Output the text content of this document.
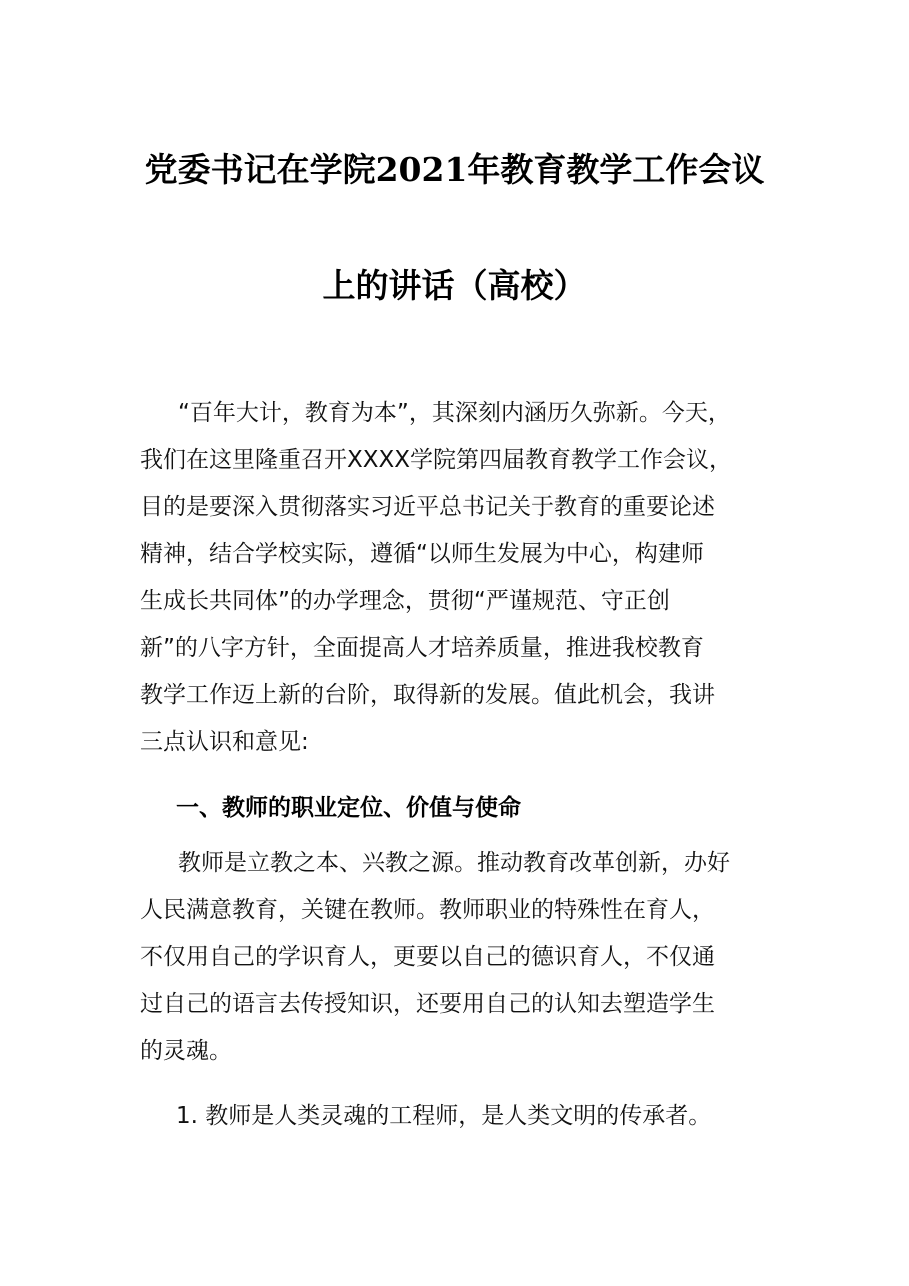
党委书记在学院2021年教育教学工作会议
上的讲话（高校）
“百年大计，教育为本”，其深刻内涵历久弥新。今天，
我们在这里隆重召开XXXX学院第四届教育教学工作会议，
目的是要深入贯彻落实习近平总书记关于教育的重要论述
精神，结合学校实际，遵循“以师生发展为中心，构建师
生成长共同体”的办学理念，贯彻“严谨规范、守正创
新”的八字方针，全面提高人才培养质量，推进我校教育
教学工作迈上新的台阶，取得新的发展。值此机会，我讲
三点认识和意见:
一、教师的职业定位、价值与使命
教师是立教之本、兴教之源。推动教育改革创新，办好
人民满意教育，关键在教师。教师职业的特殊性在育人，
不仅用自己的学识育人，更要以自己的德识育人，不仅通
过自己的语言去传授知识，还要用自己的认知去塑造学生
的灵魂。
1. 教师是人类灵魂的工程师，是人类文明的传承者。
